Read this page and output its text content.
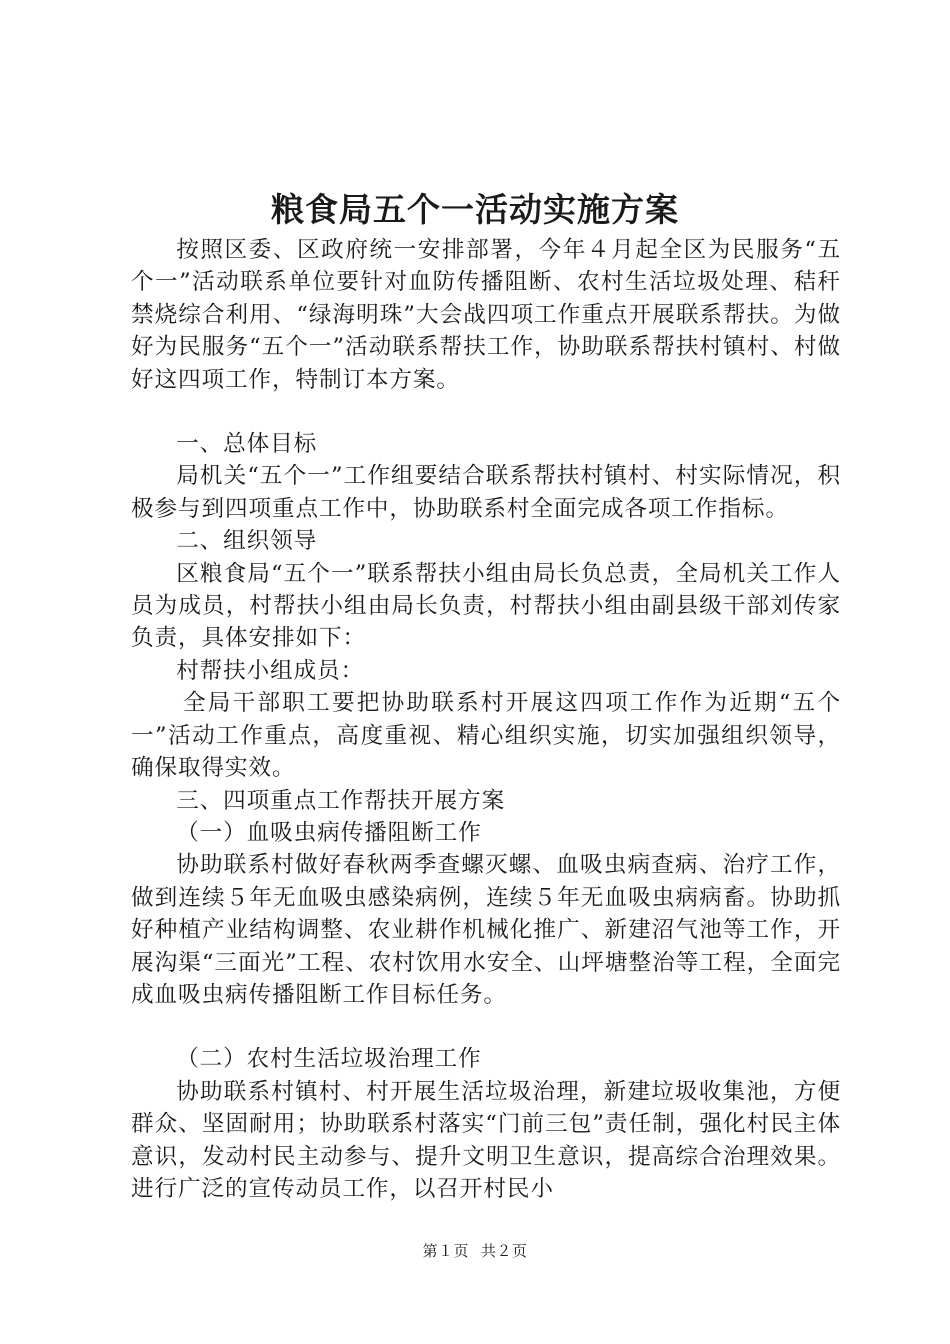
粮食局五个一活动实施方案

按照区委、区政府统一安排部署，今年４月起全区为民服务“五个一”活动联系单位要针对血防传播阻断、农村生活垃圾处理、秸秆禁烧综合利用、“绿海明珠”大会战四项工作重点开展联系帮扶。为做好为民服务“五个一”活动联系帮扶工作，协助联系帮扶村镇村、村做好这四项工作，特制订本方案。

一、总体目标

局机关“五个一”工作组要结合联系帮扶村镇村、村实际情况，积极参与到四项重点工作中，协助联系村全面完成各项工作指标。

二、组织领导

区粮食局“五个一”联系帮扶小组由局长负总责，全局机关工作人员为成员，村帮扶小组由局长负责，村帮扶小组由副县级干部刘传家负责，具体安排如下：

村帮扶小组成员：

全局干部职工要把协助联系村开展这四项工作作为近期“五个一”活动工作重点，高度重视、精心组织实施，切实加强组织领导，确保取得实效。

三、四项重点工作帮扶开展方案

（一）血吸虫病传播阻断工作

协助联系村做好春秋两季查螺灭螺、血吸虫病查病、治疗工作，做到连续５年无血吸虫感染病例，连续５年无血吸虫病病畜。协助抓好种植产业结构调整、农业耕作机械化推广、新建沼气池等工作，开展沟渠“三面光”工程、农村饮用水安全、山坪塘整治等工程，全面完成血吸虫病传播阻断工作目标任务。

（二）农村生活垃圾治理工作

协助联系村镇村、村开展生活垃圾治理，新建垃圾收集池，方便群众、坚固耐用；协助联系村落实“门前三包”责任制，强化村民主体意识，发动村民主动参与、提升文明卫生意识，提高综合治理效果。进行广泛的宣传动员工作，以召开村民小

第１页 共２页
